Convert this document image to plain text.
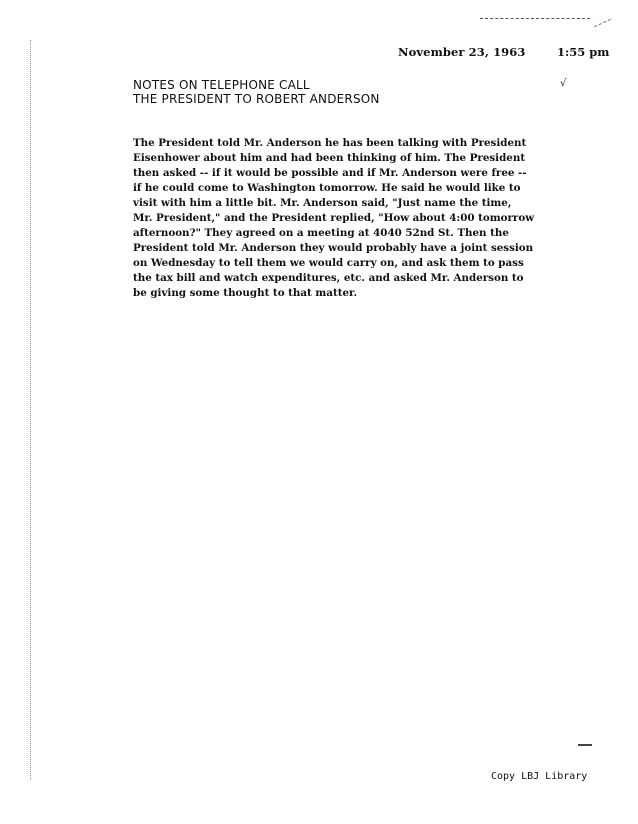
November 23, 1963	1:55 pm
√
NOTES ON TELEPHONE CALL
THE PRESIDENT TO ROBERT ANDERSON
The President told Mr. Anderson he has been talking with President
Eisenhower about him and had been thinking of him. The President
then asked -- if it would be possible and if Mr. Anderson were free --
if he could come to Washington tomorrow. He said he would like to
visit with him a little bit. Mr. Anderson said, "Just name the time,
Mr. President," and the President replied, "How about 4:00 tomorrow
afternoon?" They agreed on a meeting at 4040 52nd St. Then the
President told Mr. Anderson they would probably have a joint session
on Wednesday to tell them we would carry on, and ask them to pass
the tax bill and watch expenditures, etc. and asked Mr. Anderson to
be giving some thought to that matter.
Copy LBJ Library
